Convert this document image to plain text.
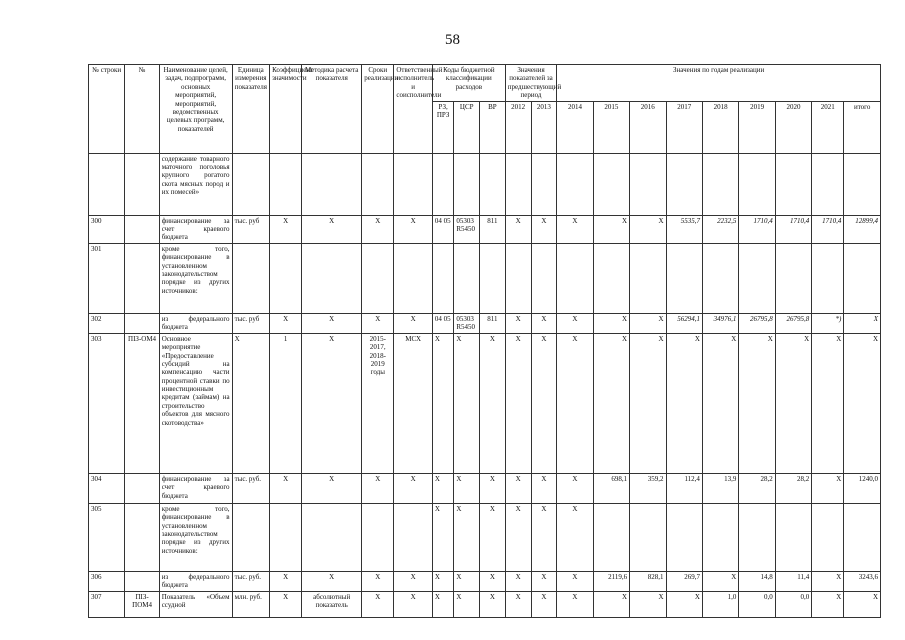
58
№ строки	№	Наименование целей, задач, подпрограмм, основных мероприятий, мероприятий, ведомственных целевых программ, показателей	Единица измерения показателя	Коэффициент значимости	Методика расчета показателя	Сроки реализации	Ответственный исполнитель и соисполнители	Коды бюджетной классификации расходов			Значения показателей за предшествующий период		Значения по годам реализации								
								РЗ, ПРЗ	ЦСР	ВР	2012	2013	2014	2015	2016	2017	2018	2019	2020	2021	итого
		содержание товарного маточного поголовья крупного рогатого скота мясных пород и их помесей»																			
300		финансирование за счет краевого бюджета	тыс. руб	X	X	X	X	04 05	05303 R5450	811	X	X	X	X	X	5535,7	2232,5	1710,4	1710,4	1710,4	12899,4
301		кроме того, финансирование в установленном законодательством порядке из других источников:																			
302		из федерального бюджета	тыс. руб	X	X	X	X	04 05	05303 R5450	811	X	X	X	X	X	56294,1	34976,1	26795,8	26795,8	*)	X
303	ПІЗ-ОМ4	Основное мероприятие «Предоставление субсидий на компенсацию части процентной ставки по инвестиционным кредитам (займам) на строительство объектов для мясного скотоводства»	X	1	X	2015-2017, 2018-2019 годы	МСХ	X	X	X	X	X	X	X	X	X	X	X	X	X	X
304		финансирование за счет краевого бюджета	тыс. руб.	X	X	X	X	X	X	X	X	X	X	698,1	359,2	112,4	13,9	28,2	28,2	X	1240,0
305		кроме того, финансирование в установленном законодательством порядке из других источников:						X	X	X	X	X	X								
306		из федерального бюджета	тыс. руб.	X	X	X	X	X	X	X	X	X	X	2119,6	828,1	269,7	X	14,8	11,4	X	3243,6
307	ПІЗ-ПОМ4	Показатель «Объем ссудной	млн. руб.	X	абсолютный показатель	X	X	X	X	X	X	X	X	X	X	X	1,0	0,0	0,0	X	X
